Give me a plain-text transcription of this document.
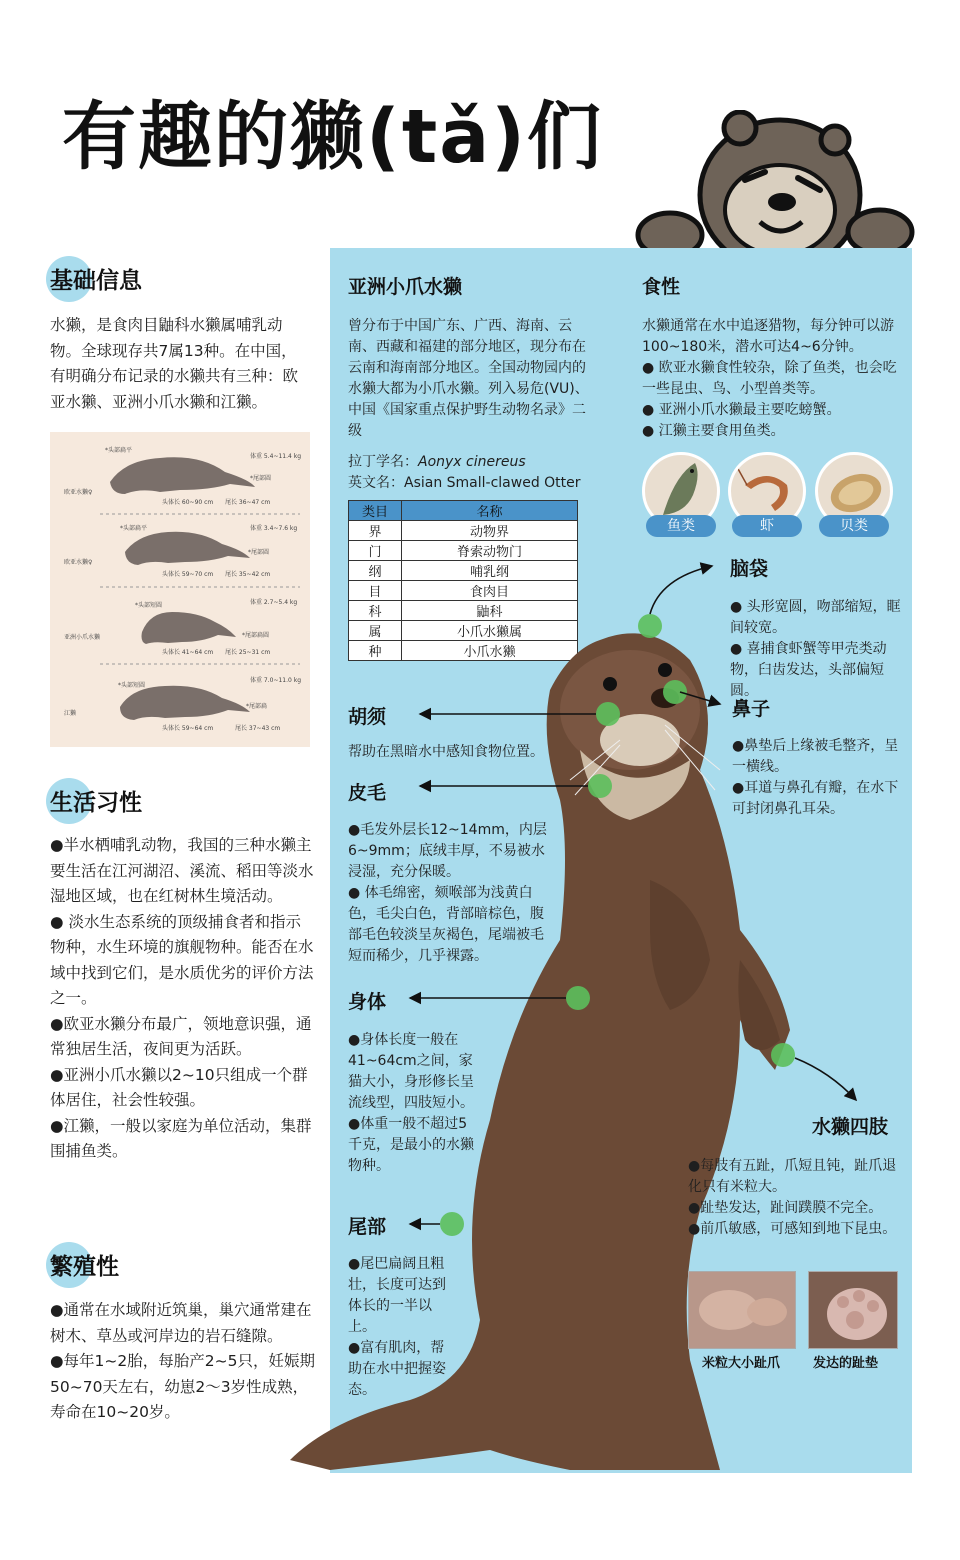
有趣的獭(tǎ)们
基础信息

水獭，是食肉目鼬科水獭属哺乳动物。全球现存共7属13种。在中国，有明确分布记录的水獭共有三种：欧亚水獭、亚洲小爪水獭和江獭。

*头部扁平
体重 5.4~11.4 kg
欧亚水獭♀
*尾部圆
头体长 60~90 cm 尾长 36~47 cm
*头部扁平	体重 3.4~7.6 kg
欧亚水獭♀
*尾部圆
头体长 59~70 cm 尾长 35~42 cm
*头部短圆	体重 2.7~5.4 kg
亚洲小爪水獭	*尾部扁圆
头体长 41~64 cm 尾长 25~31 cm
*头部短圆
体重 7.0~11.0 kg
江獭
*尾部扁
头体长 59~64 cm	尾长 37~43 cm
生活习性

●半水栖哺乳动物，我国的三种水獭主要生活在江河湖沼、溪流、稻田等淡水湿地区域，也在红树林生境活动。

● 淡水生态系统的顶级捕食者和指示物种，水生环境的旗舰物种。能否在水域中找到它们，是水质优劣的评价方法之一。

●欧亚水獭分布最广，领地意识强，通常独居生活，夜间更为活跃。

●亚洲小爪水獭以2~10只组成一个群体居住，社会性较强。

●江獭，一般以家庭为单位活动，集群围捕鱼类。

繁殖性

●通常在水域附近筑巢，巢穴通常建在树木、草丛或河岸边的岩石缝隙。

●每年1~2胎，每胎产2~5只，妊娠期50~70天左右，幼崽2～3岁性成熟，寿命在10~20岁。

亚洲小爪水獭

曾分布于中国广东、广西、海南、云南、西藏和福建的部分地区，现分布在云南和海南部分地区。全国动物园内的水獭大都为小爪水獭。列入易危(VU)、中国《国家重点保护野生动物名录》二级

拉丁学名：Aonyx cinereus

英文名：Asian Small-clawed Otter

类目	名称
界	动物界
门	脊索动物门
纲	哺乳纲
目	食肉目
科	鼬科
属	小爪水獭属
种	小爪水獭
食性

水獭通常在水中追逐猎物，每分钟可以游100~180米，潜水可达4~6分钟。

● 欧亚水獭食性较杂，除了鱼类，也会吃一些昆虫、鸟、小型兽类等。

● 亚洲小爪水獭最主要吃螃蟹。

● 江獭主要食用鱼类。

鱼类	虾	贝类
脑袋

● 头形宽圆，吻部缩短，眶间较宽。

● 喜捕食虾蟹等甲壳类动物，臼齿发达，头部偏短圆。

鼻子

●鼻垫后上缘被毛整齐，呈一横线。

●耳道与鼻孔有瓣，在水下可封闭鼻孔耳朵。

胡须

帮助在黑暗水中感知食物位置。

皮毛

●毛发外层长12~14mm，内层6~9mm；底绒丰厚，不易被水浸湿，充分保暖。

● 体毛绵密，颏喉部为浅黄白色，毛尖白色，背部暗棕色，腹部毛色较淡呈灰褐色，尾端被毛短而稀少，几乎裸露。

身体

●身体长度一般在41~64cm之间，家猫大小，身形修长呈流线型，四肢短小。

●体重一般不超过5千克，是最小的水獭物种。

尾部

●尾巴扁阔且粗壮，长度可达到体长的一半以上。

●富有肌肉，帮助在水中把握姿态。

水獭四肢

●每肢有五趾，爪短且钝，趾爪退化只有米粒大。

●趾垫发达，趾间蹼膜不完全。

●前爪敏感，可感知到地下昆虫。

米粒大小趾爪	发达的趾垫
